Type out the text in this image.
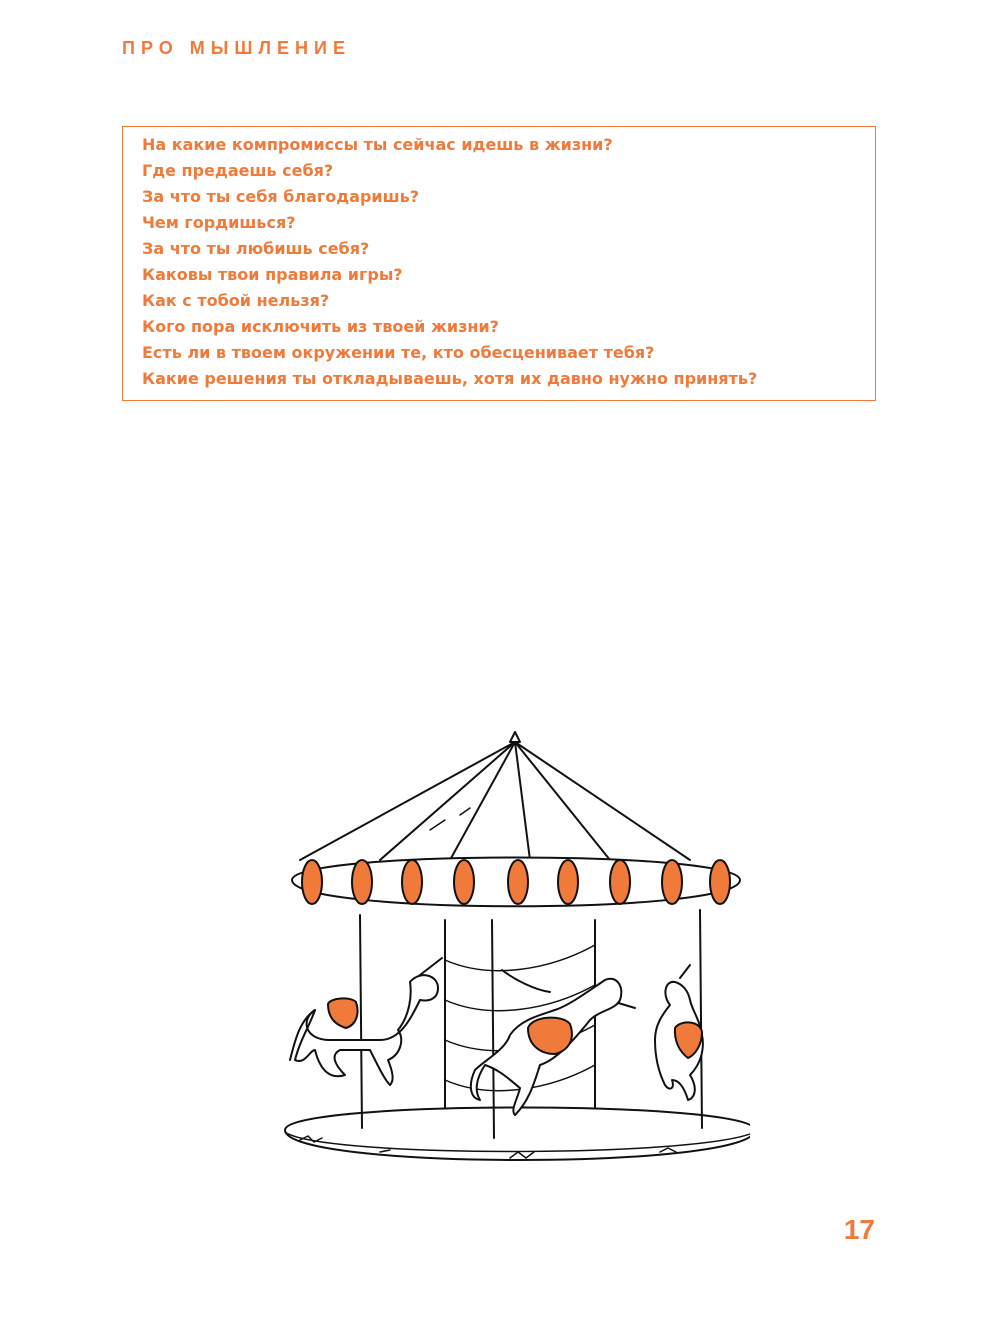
ПРО МЫШЛЕНИЕ
На какие компромиссы ты сейчас идешь в жизни?
Где предаешь себя?
За что ты себя благодаришь?
Чем гордишься?
За что ты любишь себя?
Каковы твои правила игры?
Как с тобой нельзя?
Кого пора исключить из твоей жизни?
Есть ли в твоем окружении те, кто обесценивает тебя?
Какие решения ты откладываешь, хотя их давно нужно принять?
17
